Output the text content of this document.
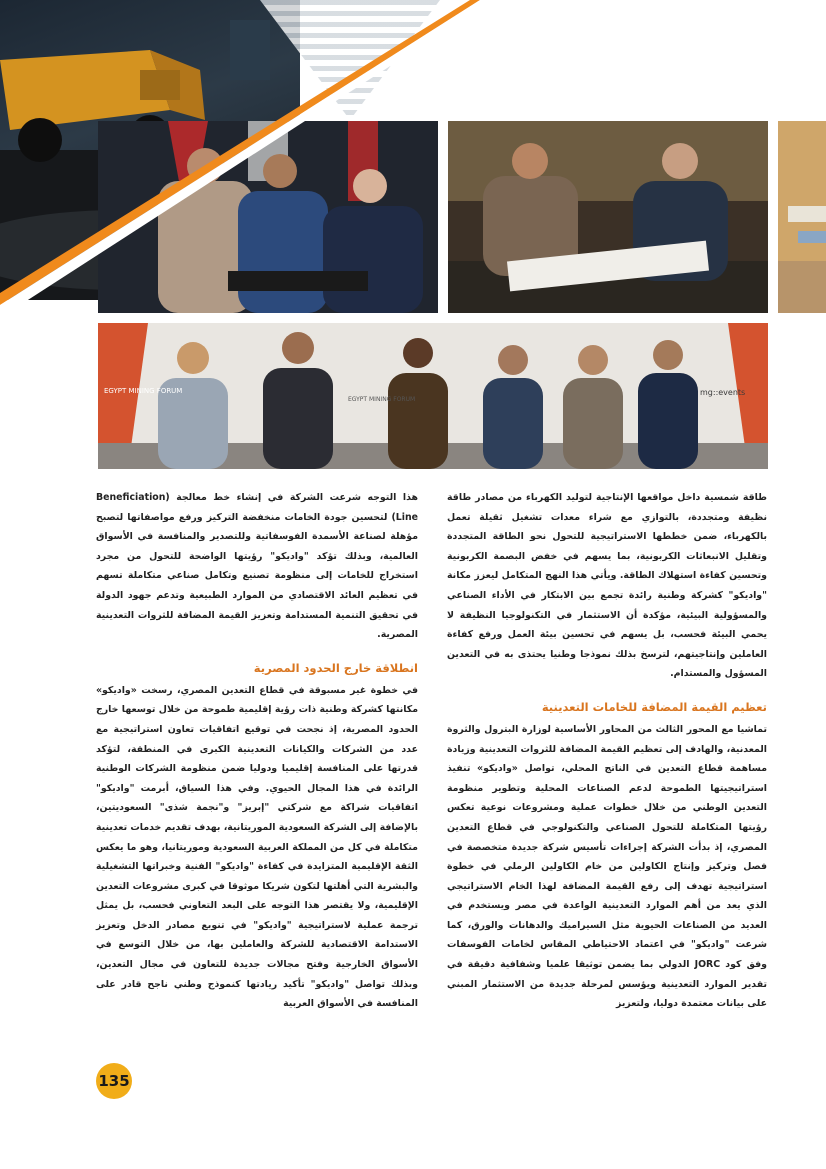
EGYPT MINING FORUM
EGYPT MINING FORUM
mg::events

طاقة شمسية داخل مواقعها الإنتاجية لتوليد الكهرباء من مصادر طاقة نظيفة ومتجددة، بالتوازي مع شراء معدات تشغيل ثقيلة تعمل بالكهرباء، ضمن خططها الاستراتيجية للتحول نحو الطاقة المتجددة وتقليل الانبعاثات الكربونية، بما يسهم في خفض البصمة الكربونية وتحسين كفاءة استهلاك الطاقة. ويأتي هذا النهج المتكامل ليعزز مكانة "واديكو" كشركة وطنية رائدة تجمع بين الابتكار في الأداء الصناعي والمسؤولية البيئية، مؤكدة أن الاستثمار في التكنولوجيا النظيفة لا يحمي البيئة فحسب، بل يسهم في تحسين بيئة العمل ورفع كفاءة العاملين وإنتاجيتهم، لترسخ بذلك نموذجا وطنيا يحتذى به في التعدين المسؤول والمستدام.

تعظيم القيمة المضافة للخامات التعدينية

تماشيا مع المحور الثالث من المحاور الأساسية لوزارة البترول والثروة المعدنية، والهادف إلى تعظيم القيمة المضافة للثروات التعدينية وزيادة مساهمة قطاع التعدين في الناتج المحلي، تواصل «واديكو» تنفيذ استراتيجيتها الطموحة لدعم الصناعات المحلية وتطوير منظومة التعدين الوطني من خلال خطوات عملية ومشروعات نوعية تعكس رؤيتها المتكاملة للتحول الصناعي والتكنولوجي في قطاع التعدين المصري، إذ بدأت الشركة إجراءات تأسيس شركة جديدة متخصصة في فصل وتركيز وإنتاج الكاولين من خام الكاولين الرملي في خطوة استراتيجية تهدف إلى رفع القيمة المضافة لهذا الخام الاستراتيجي الذي يعد من أهم الموارد التعدينية الواعدة في مصر ويستخدم في العديد من الصناعات الحيوية مثل السيراميك والدهانات والورق، كما شرعت "واديكو" في اعتماد الاحتياطي المقاس لخامات الفوسفات وفق كود JORC الدولي بما يضمن توثيقا علميا وشفافية دقيقة في تقدير الموارد التعدينية ويؤسس لمرحلة جديدة من الاستثمار المبني على بيانات معتمدة دوليا، ولتعزيز

هذا التوجه شرعت الشركة في إنشاء خط معالجة (Beneficiation Line) لتحسين جودة الخامات منخفضة التركيز ورفع مواصفاتها لتصبح مؤهلة لصناعة الأسمدة الفوسفاتية وللتصدير والمنافسة في الأسواق العالمية، وبذلك تؤكد "واديكو" رؤيتها الواضحة للتحول من مجرد استخراج للخامات إلى منظومة تصنيع وتكامل صناعي متكاملة تسهم في تعظيم العائد الاقتصادي من الموارد الطبيعية وتدعم جهود الدولة في تحقيق التنمية المستدامة وتعزيز القيمة المضافة للثروات التعدينية المصرية.

انطلاقة خارج الحدود المصرية

في خطوة غير مسبوقة في قطاع التعدين المصري، رسخت «واديكو» مكانتها كشركة وطنية ذات رؤية إقليمية طموحة من خلال توسعها خارج الحدود المصرية، إذ نجحت في توقيع اتفاقيات تعاون استراتيجية مع عدد من الشركات والكيانات التعدينية الكبرى في المنطقة، لتؤكد قدرتها على المنافسة إقليميا ودوليا ضمن منظومة الشركات الوطنية الرائدة في هذا المجال الحيوي. وفي هذا السياق، أبرمت "واديكو" اتفاقيات شراكة مع شركتي "إبريز" و"نجمة شذى" السعوديتين، بالإضافة إلى الشركة السعودية الموريتانية، بهدف تقديم خدمات تعدينية متكاملة في كل من المملكة العربية السعودية وموريتانيا، وهو ما يعكس الثقة الإقليمية المتزايدة في كفاءة "واديكو" الفنية وخبراتها التشغيلية والبشرية التي أهلتها لتكون شريكا موثوقا في كبرى مشروعات التعدين الإقليمية، ولا يقتصر هذا التوجه على البعد التعاوني فحسب، بل يمثل ترجمة عملية لاستراتيجية "واديكو" في تنويع مصادر الدخل وتعزيز الاستدامة الاقتصادية للشركة والعاملين بها، من خلال التوسع في الأسواق الخارجية وفتح مجالات جديدة للتعاون في مجال التعدين، وبذلك تواصل "واديكو" تأكيد ريادتها كنموذج وطني ناجح قادر على المنافسة في الأسواق العربية

135
